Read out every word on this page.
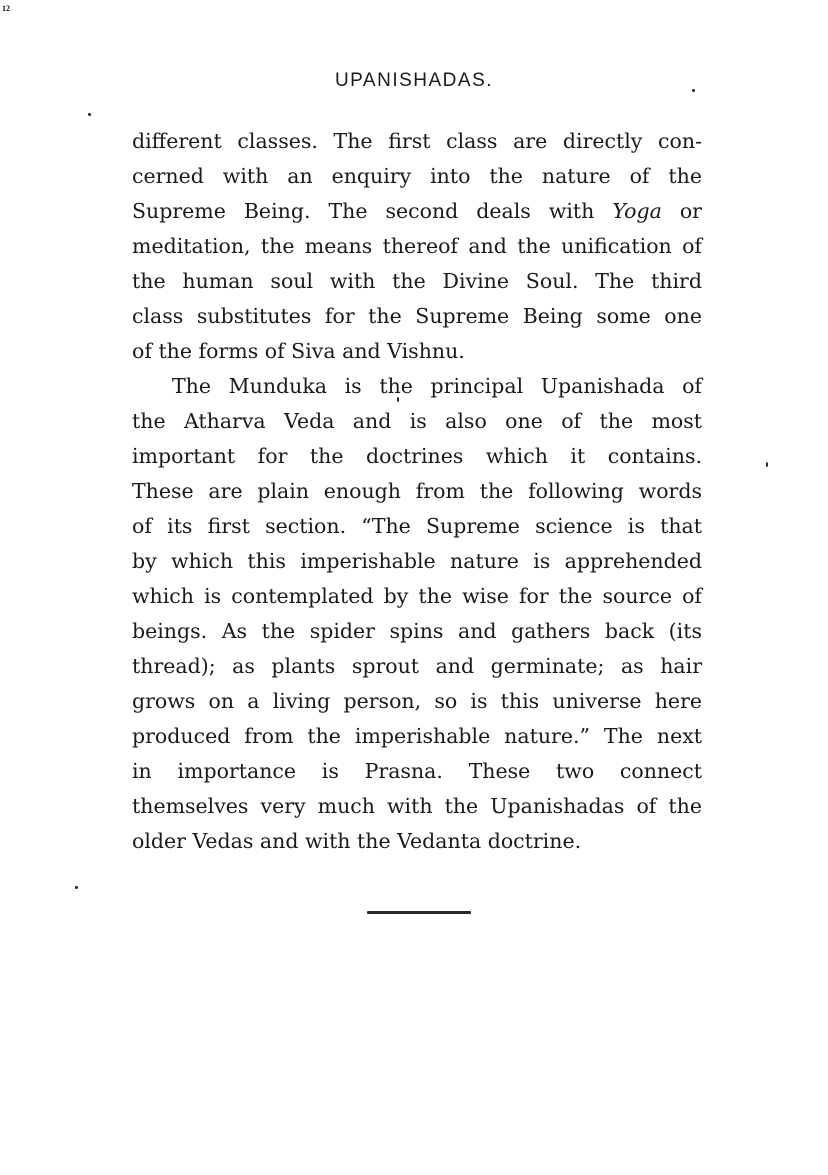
12
UPANISHADAS.
different classes. The first class are directly con-
cerned with an enquiry into the nature of the
Supreme Being. The second deals with Yoga or
meditation, the means thereof and the unification of
the human soul with the Divine Soul. The third
class substitutes for the Supreme Being some one
of the forms of Siva and Vishnu.
The Munduka is the principal Upanishada of
the Atharva Veda and is also one of the most
important for the doctrines which it contains.
These are plain enough from the following words
of its first section. “The Supreme science is that
by which this imperishable nature is apprehended
which is contemplated by the wise for the source of
beings. As the spider spins and gathers back (its
thread); as plants sprout and germinate; as hair
grows on a living person, so is this universe here
produced from the imperishable nature.” The next
in importance is Prasna. These two connect
themselves very much with the Upanishadas of the
older Vedas and with the Vedanta doctrine.
